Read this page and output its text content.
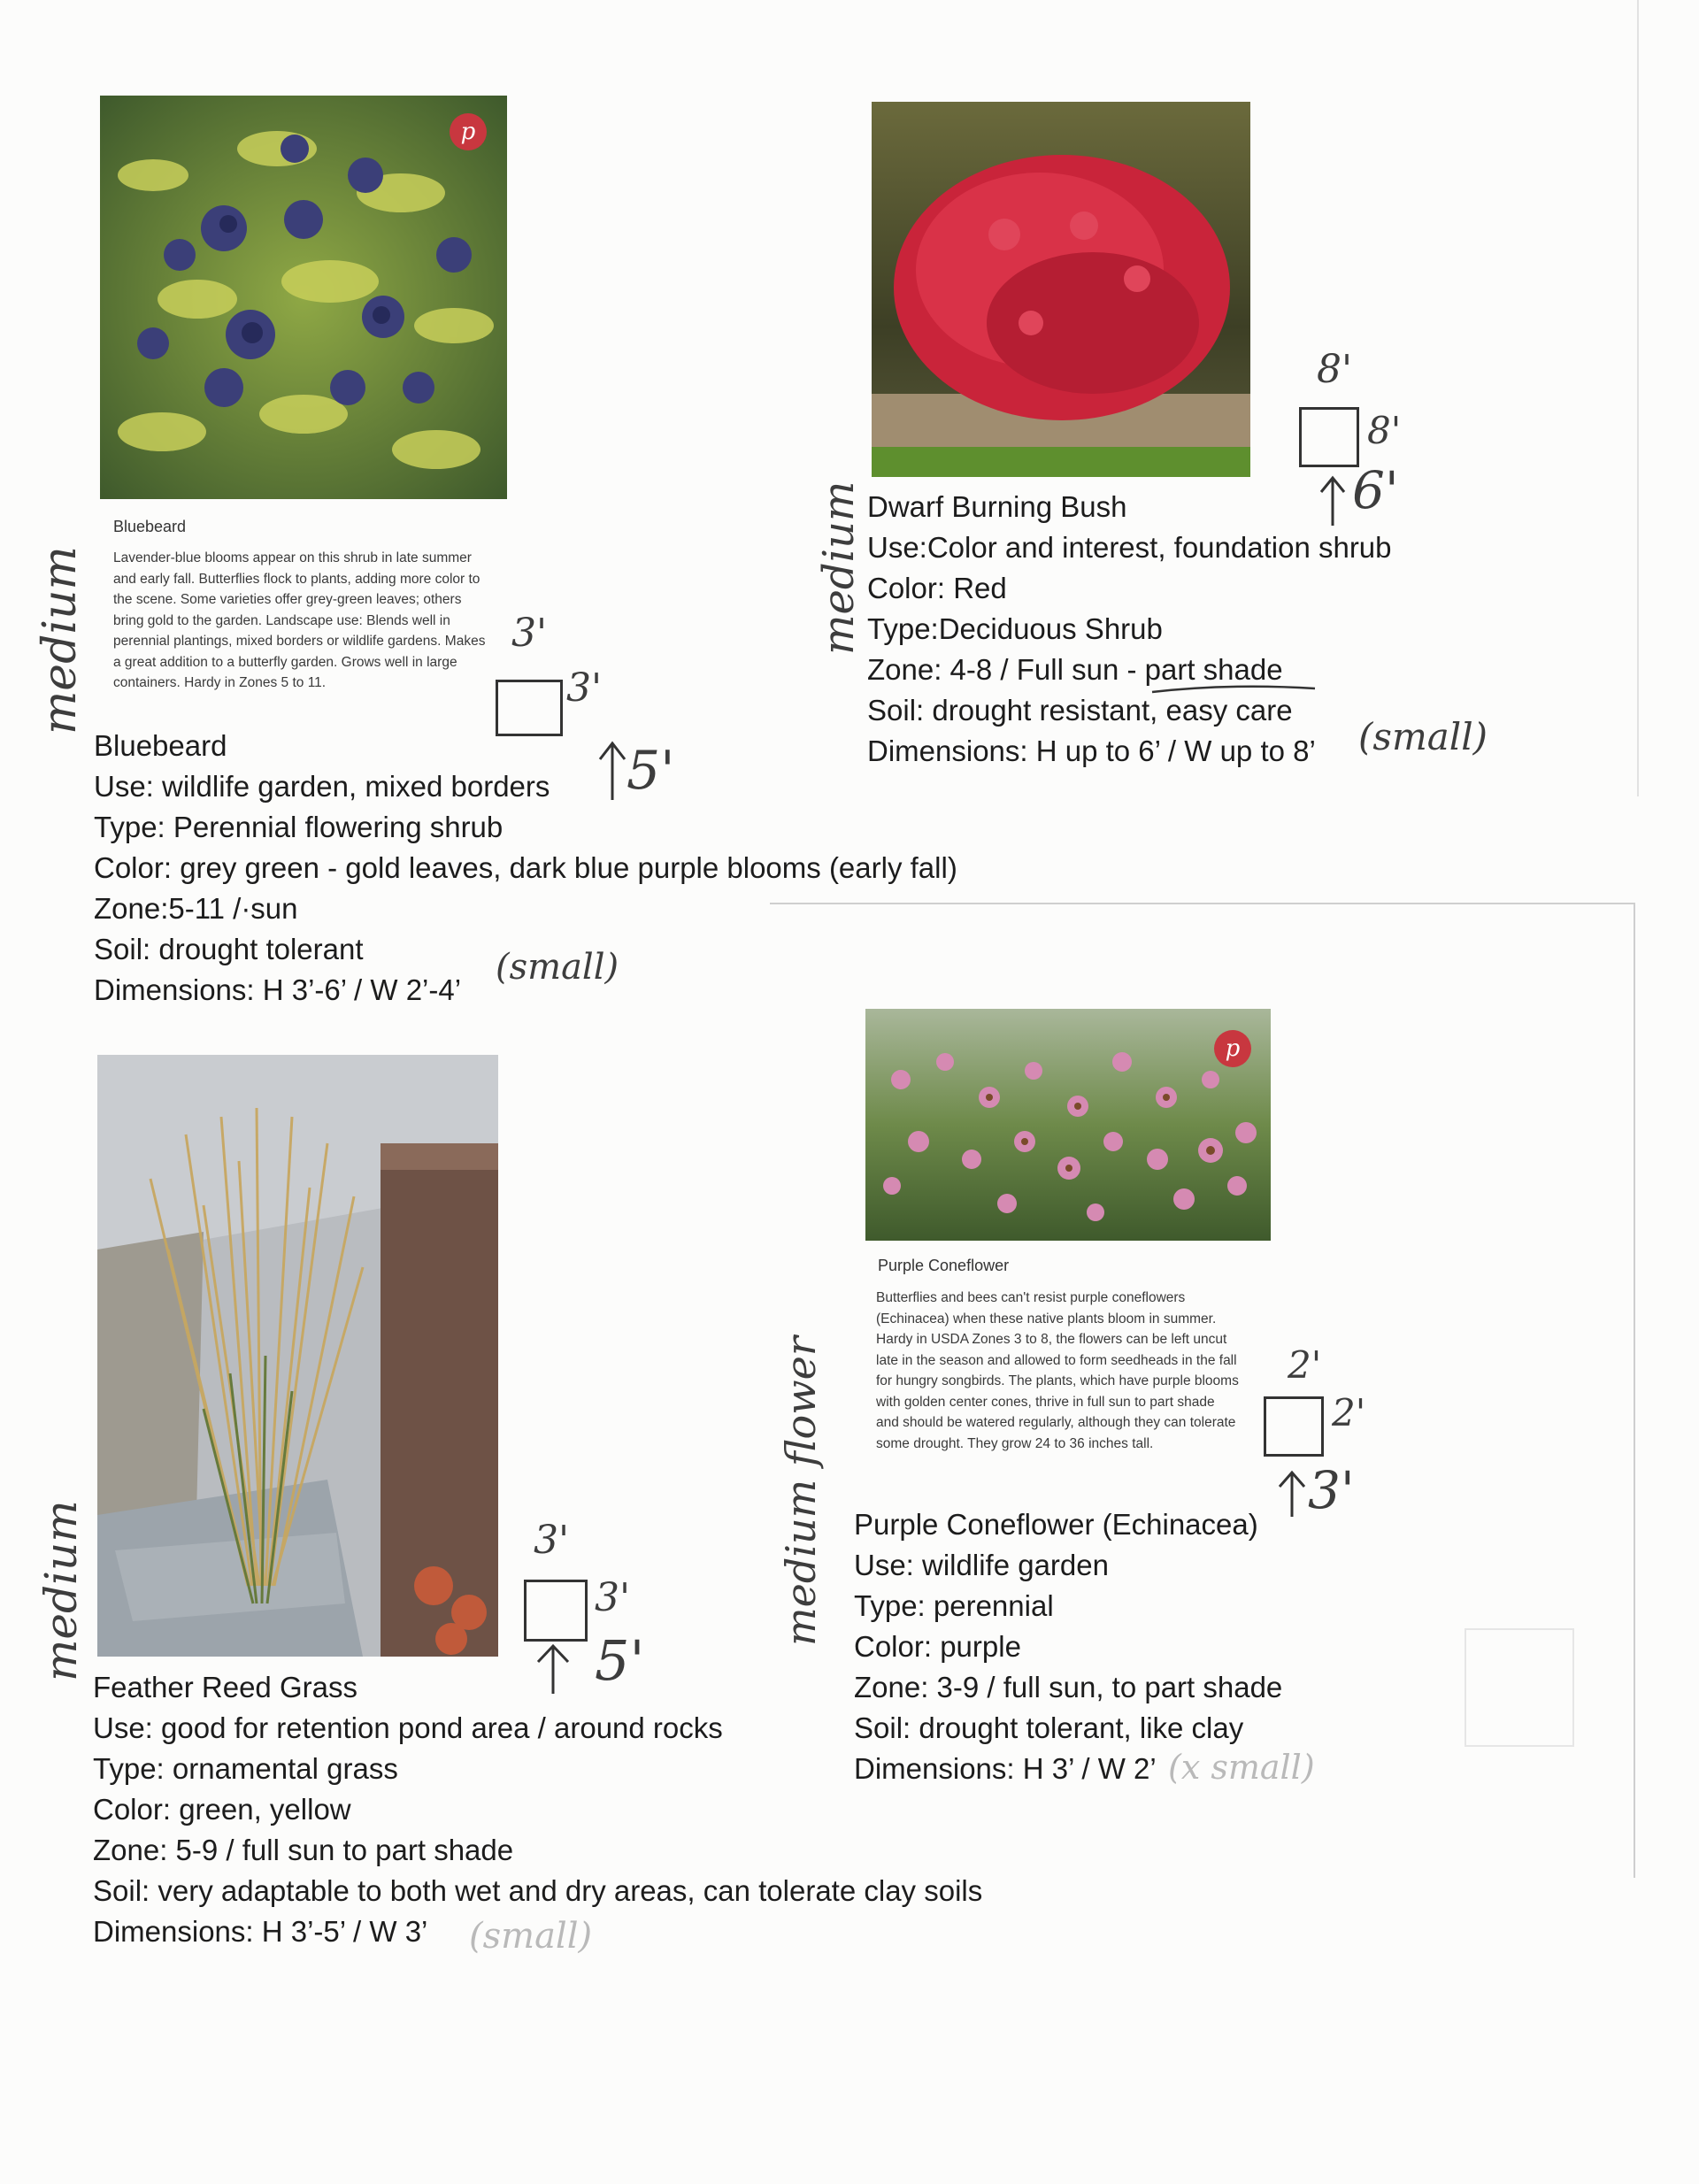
p
Bluebeard
Lavender-blue blooms appear on this shrub in late summer and early fall. Butterflies flock to plants, adding more color to the scene. Some varieties offer grey-green leaves; others bring gold to the garden. Landscape use: Blends well in perennial plantings, mixed borders or wildlife gardens. Makes a great addition to a butterfly garden. Grows well in large containers. Hardy in Zones 5 to 11.
Bluebeard
Use: wildlife garden, mixed borders
Type: Perennial flowering shrub
Color: grey green - gold leaves, dark blue purple blooms (early fall)
Zone:5-11 /·sun
Soil: drought tolerant
Dimensions: H 3’-6’ / W 2’-4’
medium
(small)
3'
3'
5'
Dwarf Burning Bush
Use:Color and interest, foundation shrub
Color: Red
Type:Deciduous Shrub
Zone: 4-8 / Full sun - part shade
Soil: drought resistant, easy care
Dimensions: H up to 6’ / W up to 8’
medium
(small)
8'
8'
6'
Feather Reed Grass
Use: good for retention pond area / around rocks
Type: ornamental grass
Color: green, yellow
Zone: 5-9 / full sun to part shade
Soil: very adaptable to both wet and dry areas, can tolerate clay soils
Dimensions: H 3’-5’ / W 3’
medium
(small)
3'
3'
5'
p
Purple Coneflower
Butterflies and bees can't resist purple coneflowers (Echinacea) when these native plants bloom in summer. Hardy in USDA Zones 3 to 8, the flowers can be left uncut late in the season and allowed to form seedheads in the fall for hungry songbirds. The plants, which have purple blooms with golden center cones, thrive in full sun to part shade and should be watered regularly, although they can tolerate some drought. They grow 24 to 36 inches tall.
Purple Coneflower (Echinacea)
Use: wildlife garden
Type: perennial
Color: purple
Zone: 3-9 / full sun, to part shade
Soil: drought tolerant, like clay
Dimensions: H 3’ / W 2’
medium flower
(x small)
2'
2'
3'
